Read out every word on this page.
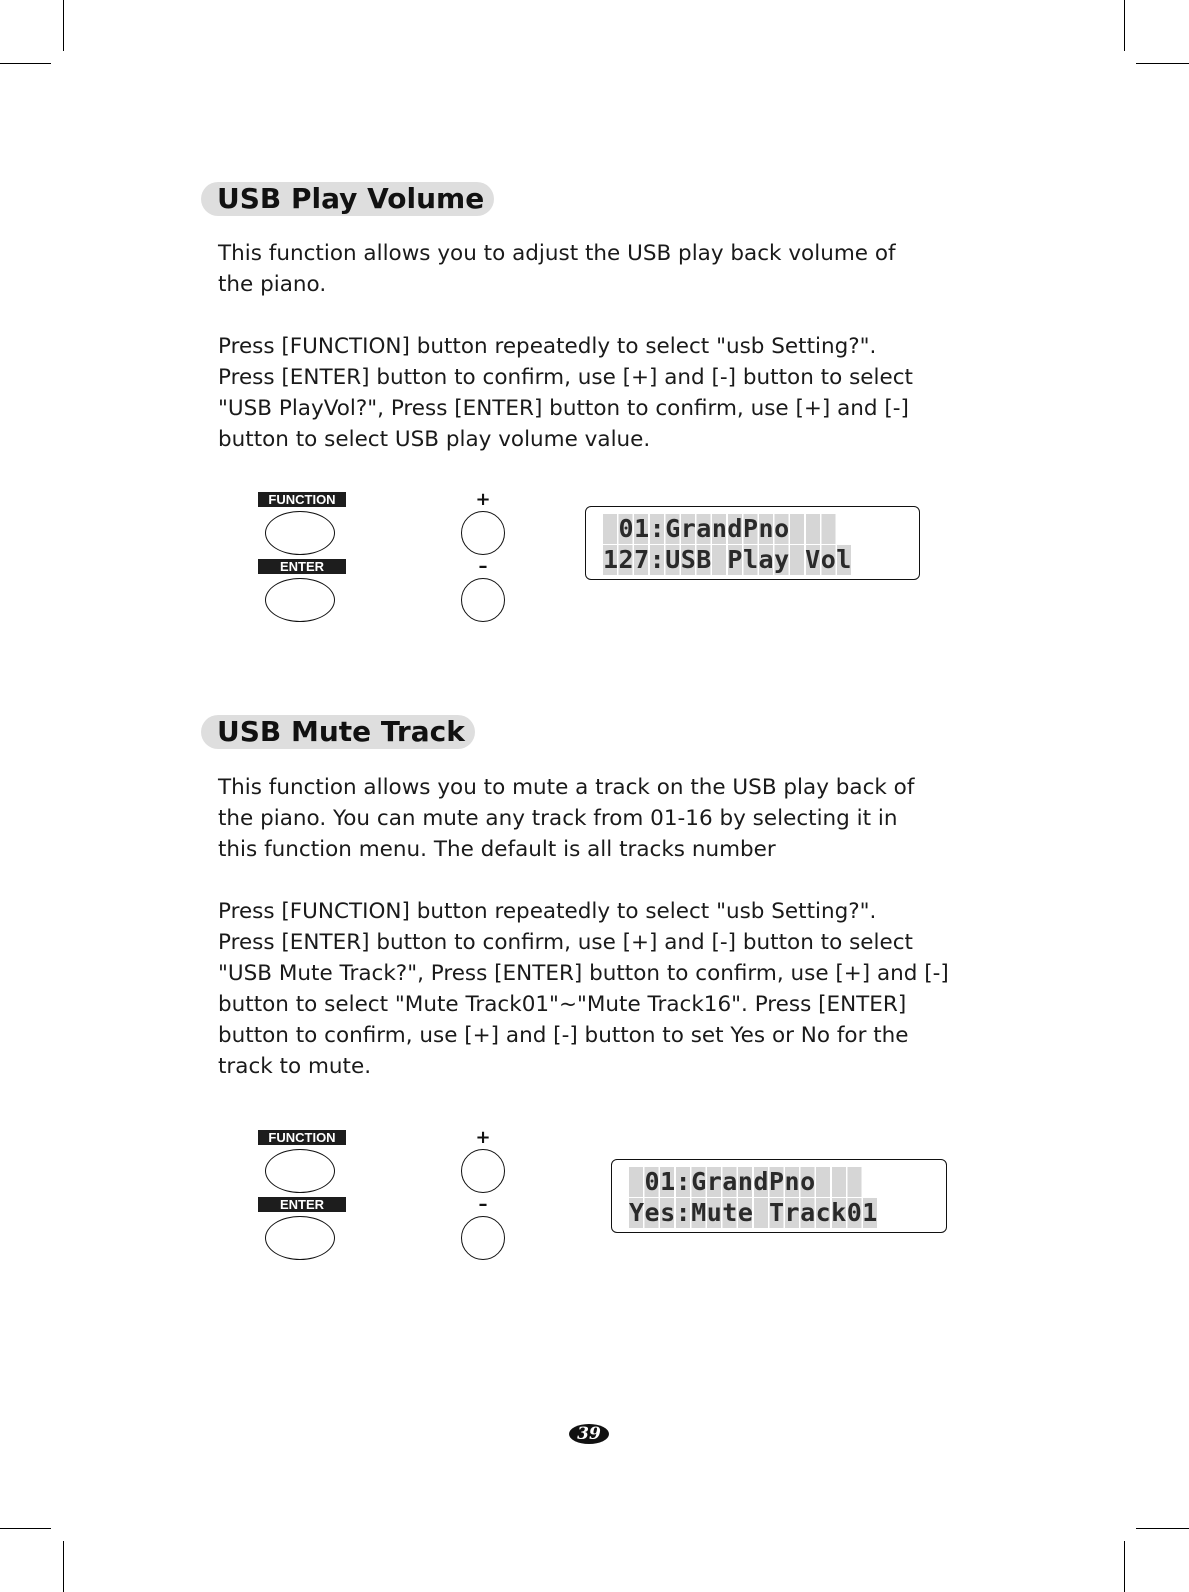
USB Play Volume

This function allows you to adjust the USB play back volume of

the piano.

Press [FUNCTION] button repeatedly to select "usb Setting?".

Press [ENTER] button to confirm, use [+] and [-] button to select

"USB PlayVol?", Press [ENTER] button to confirm, use [+] and [-]

button to select USB play volume value.

FUNCTION
ENTER
+
–
01:GrandPno
127:USB Play Vol
USB Mute Track

This function allows you to mute a track on the USB play back of

the piano. You can mute any track from 01-16 by selecting it in

this function menu. The default is all tracks number

Press [FUNCTION] button repeatedly to select "usb Setting?".

Press [ENTER] button to confirm, use [+] and [-] button to select

"USB Mute Track?", Press [ENTER] button to confirm, use [+] and [-]

button to select "Mute Track01"~"Mute Track16". Press [ENTER]

button to confirm, use [+] and [-] button to set Yes or No for the

track to mute.

FUNCTION
ENTER
+
–
01:GrandPno
Yes:Mute Track01
39
